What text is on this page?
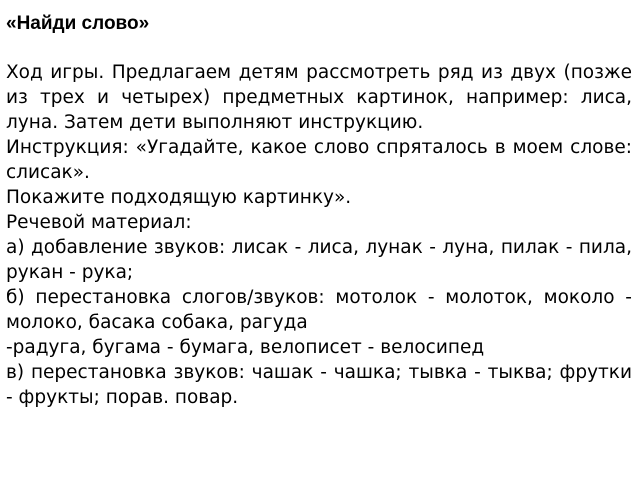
«Найди слово»

Ход игры. Предлагаем детям рассмотреть ряд из двух (позже из трех и четырех) предметных картинок, например: лиса, луна. Затем дети выполняют инструкцию.

Инструкция: «Угадайте, какое слово спряталось в моем слове: слисак».

Покажите подходящую картинку».

Речевой материал:

а) добавление звуков: лисак - лиса, лунак - луна, пилак - пила, рукан - рука;

б) перестановка слогов/звуков: мотолок - молоток, моколо - молоко, басака собака, рагуда

-радуга, бугама - бумага, велописет - велосипед

в) перестановка звуков: чашак - чашка; тывка - тыква; фрутки - фрукты; порав. повар.
